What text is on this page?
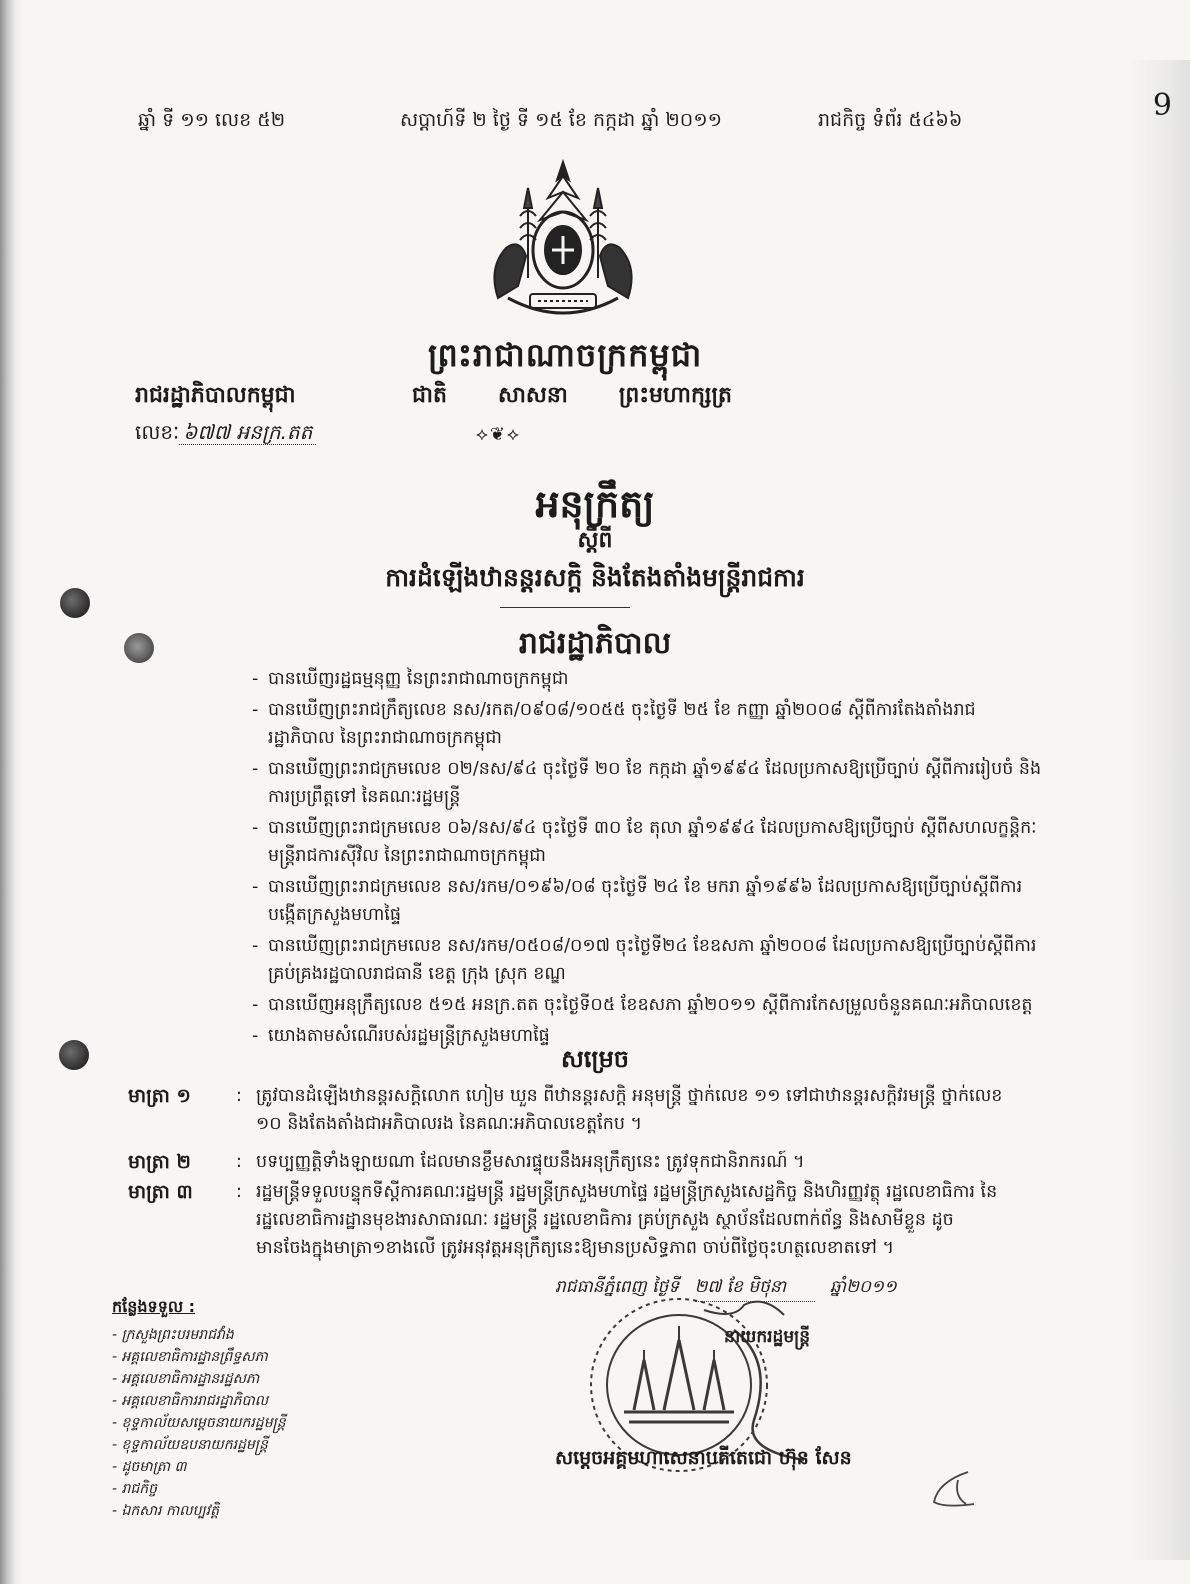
ឆ្នាំ ទី ១១ លេខ ៥២	សប្តាហ៍ទី ២ ថ្ងៃ ទី ១៥ ខែ កក្កដា ឆ្នាំ ២០១១	រាជកិច្ច ទំព័រ ៥៤៦៦	9
ព្រះរាជាណាចក្រកម្ពុជា
រាជរដ្ឋាភិបាលកម្ពុជា	ជាតិ សាសនា ព្រះមហាក្សត្រ
លេខៈ ៦៧៧ អនក្រ.តត	⟡❦⟡
អនុក្រឹត្យ
ស្តីពី
ការដំឡើងឋានន្តរសក្តិ និងតែងតាំងមន្ត្រីរាជការ
រាជរដ្ឋាភិបាល
- បានឃើញរដ្ឋធម្មនុញ្ញ នៃព្រះរាជាណាចក្រកម្ពុជា
- បានឃើញព្រះរាជក្រឹត្យលេខ នស/រកត/០៩០៨/១០៥៥ ចុះថ្ងៃទី ២៥ ខែ កញ្ញា ឆ្នាំ២០០៨ ស្តីពីការតែងតាំងរាជរដ្ឋាភិបាល នៃព្រះរាជាណាចក្រកម្ពុជា
- បានឃើញព្រះរាជក្រមលេខ ០២/នស/៩៤ ចុះថ្ងៃទី ២០ ខែ កក្កដា ឆ្នាំ១៩៩៤ ដែលប្រកាសឱ្យប្រើច្បាប់ ស្តីពីការរៀបចំ និងការប្រព្រឹត្តទៅ នៃគណៈរដ្ឋមន្ត្រី
- បានឃើញព្រះរាជក្រមលេខ ០៦/នស/៩៤ ចុះថ្ងៃទី ៣០ ខែ តុលា ឆ្នាំ១៩៩៤ ដែលប្រកាសឱ្យប្រើច្បាប់ ស្តីពីសហលក្ខន្តិកៈមន្ត្រីរាជការស៊ីវិល នៃព្រះរាជាណាចក្រកម្ពុជា
- បានឃើញព្រះរាជក្រមលេខ នស/រកម/០១៩៦/០៨ ចុះថ្ងៃទី ២៤ ខែ មករា ឆ្នាំ១៩៩៦ ដែលប្រកាសឱ្យប្រើច្បាប់ស្តីពីការបង្កើតក្រសួងមហាផ្ទៃ
- បានឃើញព្រះរាជក្រមលេខ នស/រកម/០៥០៨/០១៧ ចុះថ្ងៃទី២៤ ខែឧសភា ឆ្នាំ២០០៨ ដែលប្រកាសឱ្យប្រើច្បាប់ស្តីពីការគ្រប់គ្រងរដ្ឋបាលរាជធានី ខេត្ត ក្រុង ស្រុក ខណ្ឌ
- បានឃើញអនុក្រឹត្យលេខ ៥១៥ អនក្រ.តត ចុះថ្ងៃទី០៥ ខែឧសភា ឆ្នាំ២០១១ ស្តីពីការកែសម្រួលចំនួនគណៈអភិបាលខេត្ត
- យោងតាមសំណើរបស់រដ្ឋមន្ត្រីក្រសួងមហាផ្ទៃ
សម្រេច
មាត្រា ១	: ត្រូវបានដំឡើងឋានន្តរសក្តិលោក ហៀម ឃួន ពីឋានន្តរសក្តិ អនុមន្ត្រី ថ្នាក់លេខ ១១ ទៅជាឋានន្តរសក្តិវរមន្ត្រី ថ្នាក់លេខ ១០ និងតែងតាំងជាអភិបាលរង នៃគណៈអភិបាលខេត្តកែប ។
មាត្រា ២	: បទប្បញ្ញត្តិទាំងឡាយណា ដែលមានខ្លឹមសារផ្ទុយនឹងអនុក្រឹត្យនេះ ត្រូវទុកជានិរាករណ៍ ។
មាត្រា ៣	: រដ្ឋមន្ត្រីទទួលបន្ទុកទីស្តីការគណៈរដ្ឋមន្ត្រី រដ្ឋមន្ត្រីក្រសួងមហាផ្ទៃ រដ្ឋមន្ត្រីក្រសួងសេដ្ឋកិច្ច និងហិរញ្ញវត្ថុ រដ្ឋលេខាធិការ នៃរដ្ឋលេខាធិការដ្ឋានមុខងារសាធារណៈ រដ្ឋមន្ត្រី រដ្ឋលេខាធិការ គ្រប់ក្រសួង ស្ថាប័នដែលពាក់ព័ន្ធ និងសាមីខ្លួន ដូចមានចែងក្នុងមាត្រា១ខាងលើ ត្រូវអនុវត្តអនុក្រឹត្យនេះឱ្យមានប្រសិទ្ធភាព ចាប់ពីថ្ងៃចុះហត្ថលេខាតទៅ ។
រាជធានីភ្នំពេញ ថ្ងៃទី ២៧ ខែ មិថុនា	ឆ្នាំ២០១១
កន្លែងទទួល :
- ក្រសួងព្រះបរមរាជវាំង
- អគ្គលេខាធិការដ្ឋានព្រឹទ្ធសភា
- អគ្គលេខាធិការដ្ឋានរដ្ឋសភា
- អគ្គលេខាធិការរាជរដ្ឋាភិបាល
- ខុទ្ទកាល័យសម្តេចនាយករដ្ឋមន្ត្រី
- ខុទ្ទកាល័យឧបនាយករដ្ឋមន្ត្រី
- ដូចមាត្រា ៣
- រាជកិច្ច
- ឯកសារ កាលប្បវត្តិ
នាយករដ្ឋមន្ត្រី
សម្តេចអគ្គមហាសេនាបតីតេជោ ហ៊ុន សែន
